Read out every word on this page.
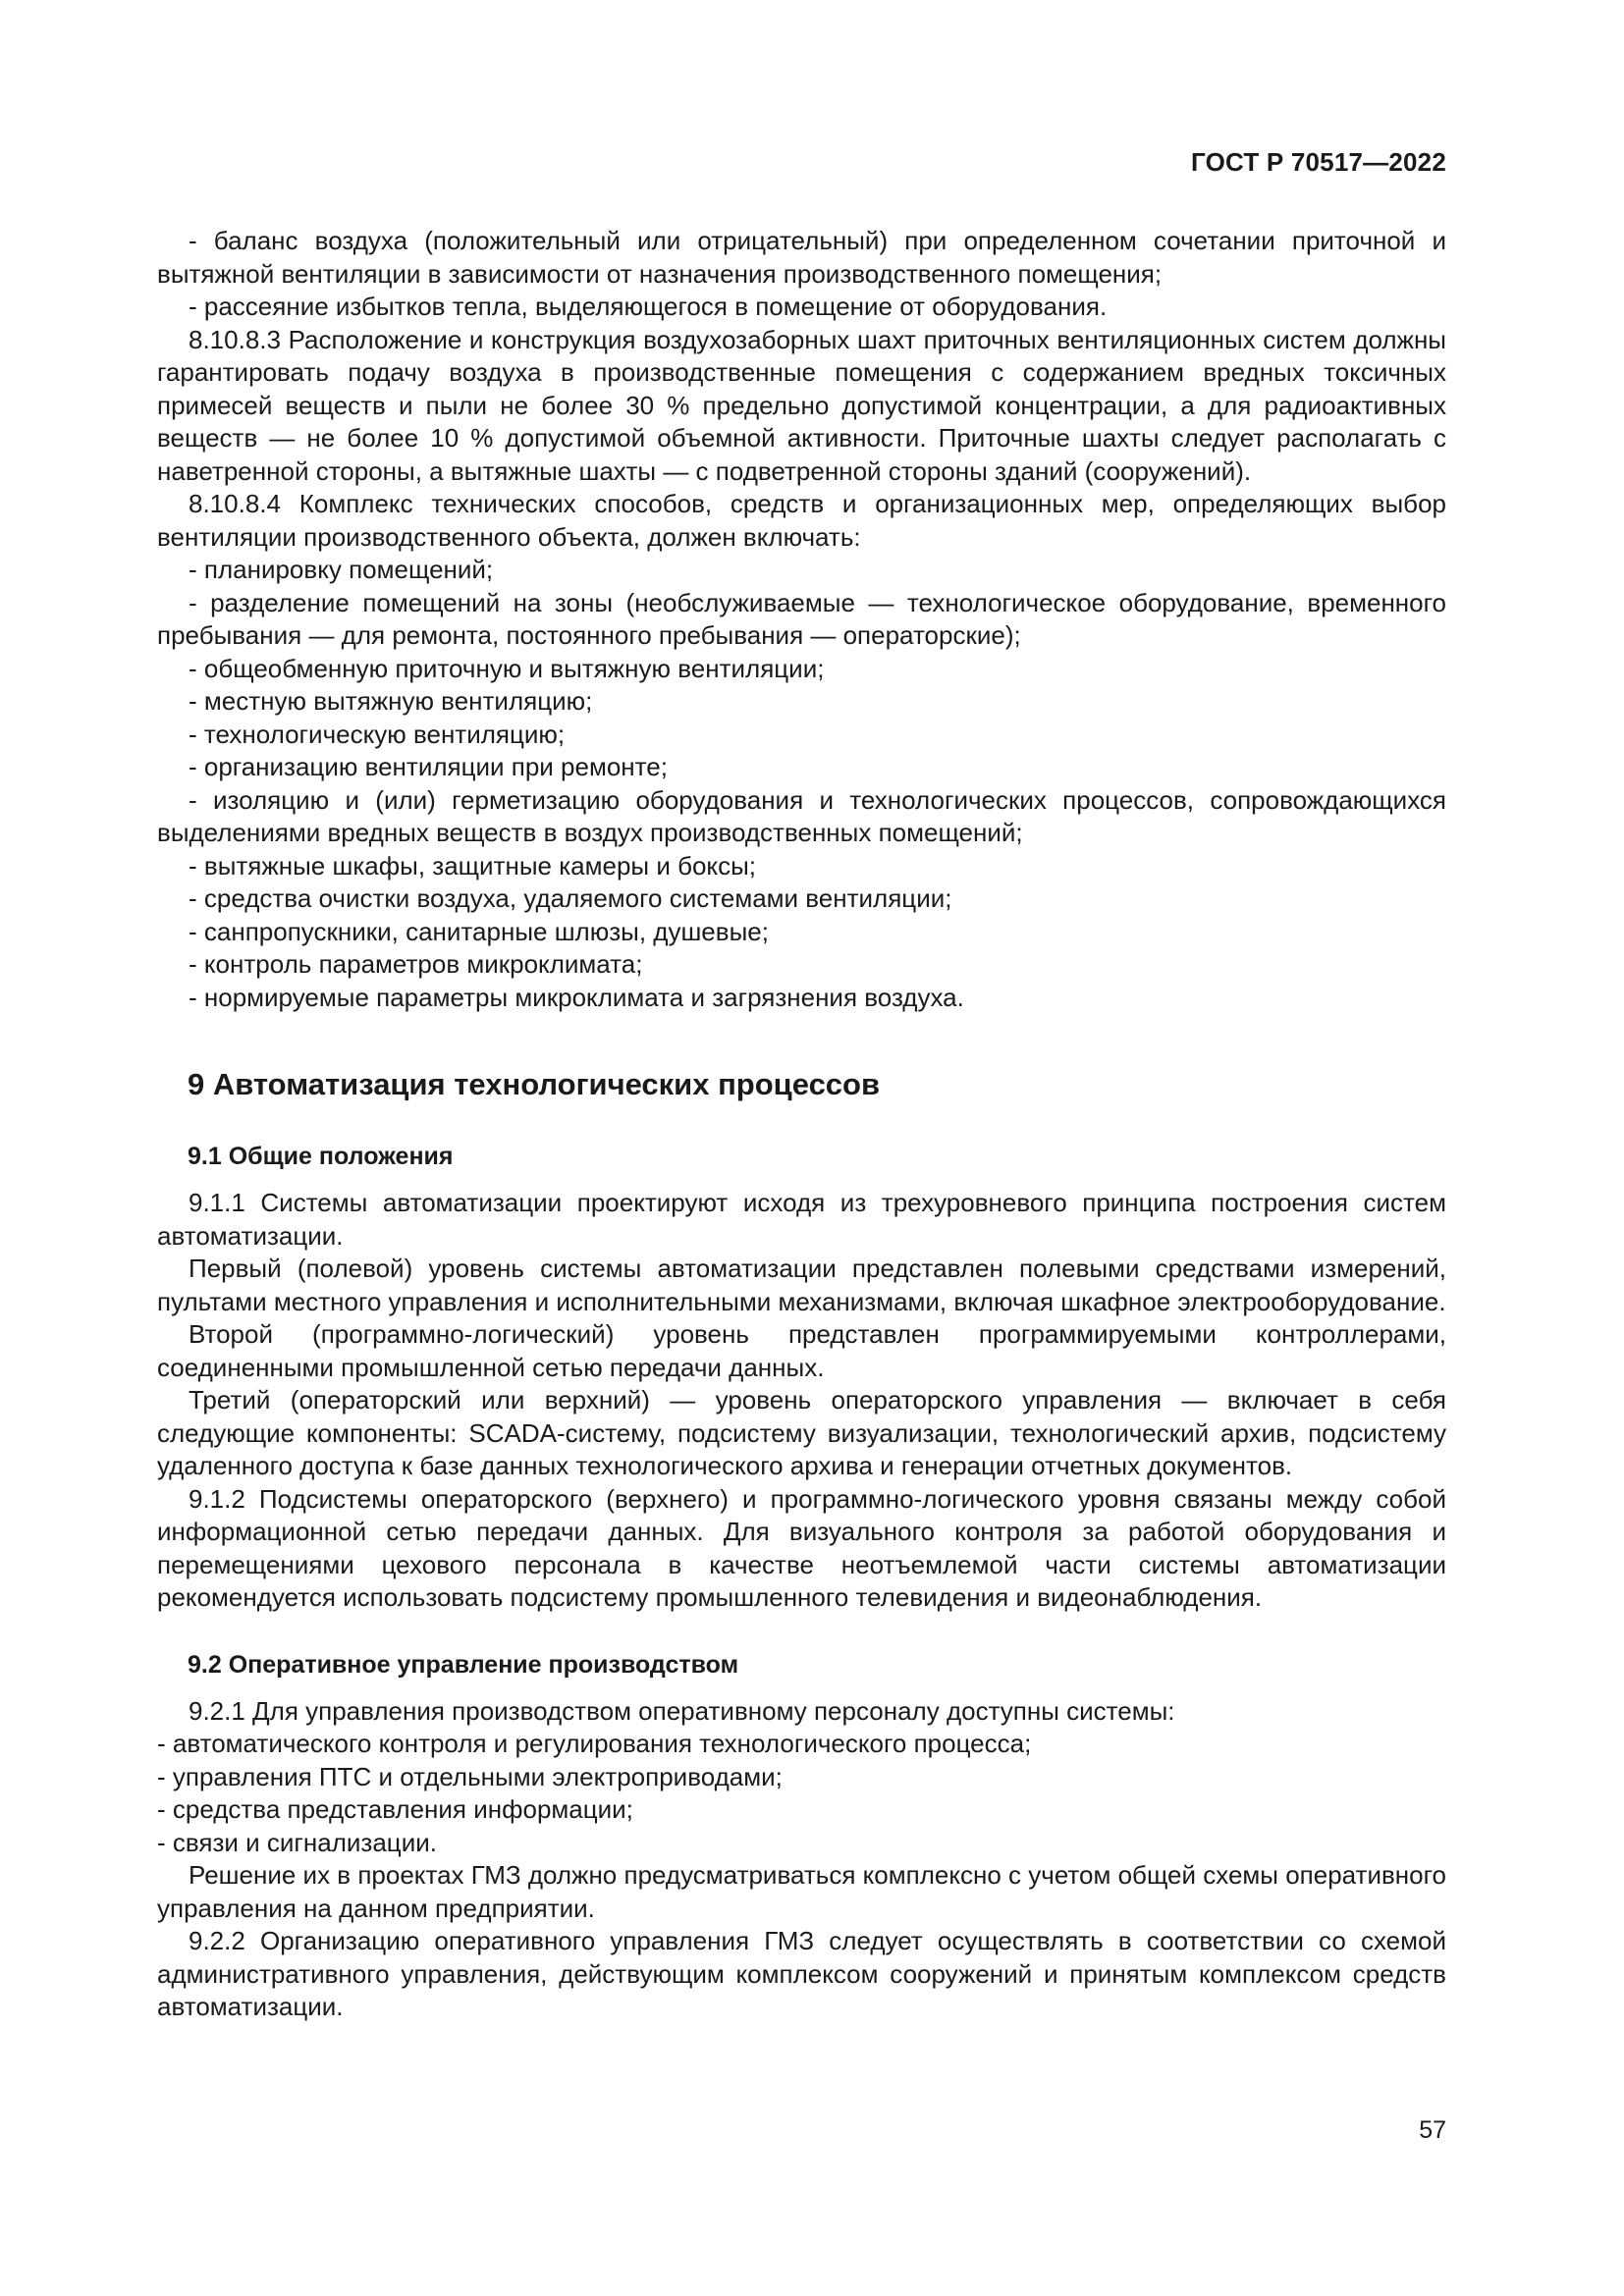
ГОСТ Р 70517—2022

- баланс воздуха (положительный или отрицательный) при определенном сочетании приточной и вытяжной вентиляции в зависимости от назначения производственного помещения;

- рассеяние избытков тепла, выделяющегося в помещение от оборудования.

8.10.8.3 Расположение и конструкция воздухозаборных шахт приточных вентиляционных систем должны гарантировать подачу воздуха в производственные помещения с содержанием вредных токсичных примесей веществ и пыли не более 30 % предельно допустимой концентрации, а для радиоактивных веществ — не более 10 % допустимой объемной активности. Приточные шахты следует располагать с наветренной стороны, а вытяжные шахты — с подветренной стороны зданий (сооружений).

8.10.8.4 Комплекс технических способов, средств и организационных мер, определяющих выбор вентиляции производственного объекта, должен включать:

- планировку помещений;

- разделение помещений на зоны (необслуживаемые — технологическое оборудование, временного пребывания — для ремонта, постоянного пребывания — операторские);

- общеобменную приточную и вытяжную вентиляции;

- местную вытяжную вентиляцию;

- технологическую вентиляцию;

- организацию вентиляции при ремонте;

- изоляцию и (или) герметизацию оборудования и технологических процессов, сопровождающихся выделениями вредных веществ в воздух производственных помещений;

- вытяжные шкафы, защитные камеры и боксы;

- средства очистки воздуха, удаляемого системами вентиляции;

- санпропускники, санитарные шлюзы, душевые;

- контроль параметров микроклимата;

- нормируемые параметры микроклимата и загрязнения воздуха.

9 Автоматизация технологических процессов
9.1 Общие положения

9.1.1 Системы автоматизации проектируют исходя из трехуровневого принципа построения систем автоматизации.

Первый (полевой) уровень системы автоматизации представлен полевыми средствами измерений, пультами местного управления и исполнительными механизмами, включая шкафное электрооборудование.

Второй (программно-логический) уровень представлен программируемыми контроллерами, соединенными промышленной сетью передачи данных.

Третий (операторский или верхний) — уровень операторского управления — включает в себя следующие компоненты: SCADA-систему, подсистему визуализации, технологический архив, подсистему удаленного доступа к базе данных технологического архива и генерации отчетных документов.

9.1.2 Подсистемы операторского (верхнего) и программно-логического уровня связаны между собой информационной сетью передачи данных. Для визуального контроля за работой оборудования и перемещениями цехового персонала в качестве неотъемлемой части системы автоматизации рекомендуется использовать подсистему промышленного телевидения и видеонаблюдения.

9.2 Оперативное управление производством

9.2.1 Для управления производством оперативному персоналу доступны системы:

- автоматического контроля и регулирования технологического процесса;

- управления ПТС и отдельными электроприводами;

- средства представления информации;

- связи и сигнализации.

Решение их в проектах ГМЗ должно предусматриваться комплексно с учетом общей схемы оперативного управления на данном предприятии.

9.2.2 Организацию оперативного управления ГМЗ следует осуществлять в соответствии со схемой административного управления, действующим комплексом сооружений и принятым комплексом средств автоматизации.

57
